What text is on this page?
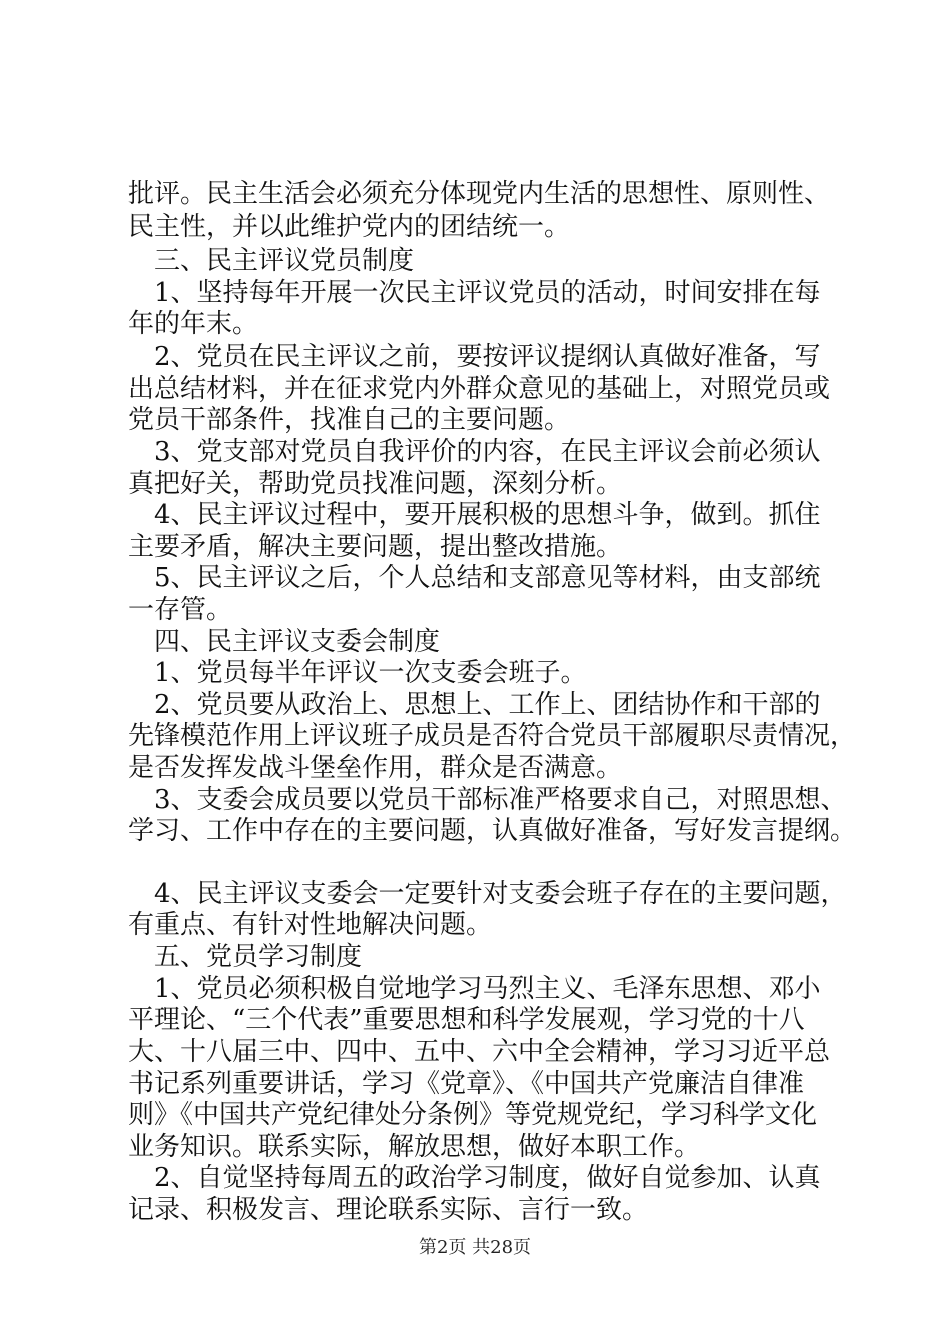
批评。民主生活会必须充分体现党内生活的思想性、原则性、
民主性，并以此维护党内的团结统一。
　三、民主评议党员制度
　1、坚持每年开展一次民主评议党员的活动，时间安排在每
年的年末。
　2、党员在民主评议之前，要按评议提纲认真做好准备，写
出总结材料，并在征求党内外群众意见的基础上，对照党员或
党员干部条件，找准自己的主要问题。
　3、党支部对党员自我评价的内容，在民主评议会前必须认
真把好关，帮助党员找准问题，深刻分析。
　4、民主评议过程中，要开展积极的思想斗争，做到。抓住
主要矛盾，解决主要问题，提出整改措施。
　5、民主评议之后，个人总结和支部意见等材料，由支部统
一存管。
　四、民主评议支委会制度
　1、党员每半年评议一次支委会班子。
　2、党员要从政治上、思想上、工作上、团结协作和干部的
先锋模范作用上评议班子成员是否符合党员干部履职尽责情况，
是否发挥发战斗堡垒作用，群众是否满意。
　3、支委会成员要以党员干部标准严格要求自己，对照思想、
学习、工作中存在的主要问题，认真做好准备，写好发言提纲。
　4、民主评议支委会一定要针对支委会班子存在的主要问题，
有重点、有针对性地解决问题。
　五、党员学习制度
　1、党员必须积极自觉地学习马烈主义、毛泽东思想、邓小
平理论、“三个代表”重要思想和科学发展观，学习党的十八
大、十八届三中、四中、五中、六中全会精神，学习习近平总
书记系列重要讲话，学习《党章》、《中国共产党廉洁自律准
则》《中国共产党纪律处分条例》等党规党纪，学习科学文化
业务知识。联系实际，解放思想，做好本职工作。
　2、自觉坚持每周五的政治学习制度，做好自觉参加、认真
记录、积极发言、理论联系实际、言行一致。
第2页 共28页
